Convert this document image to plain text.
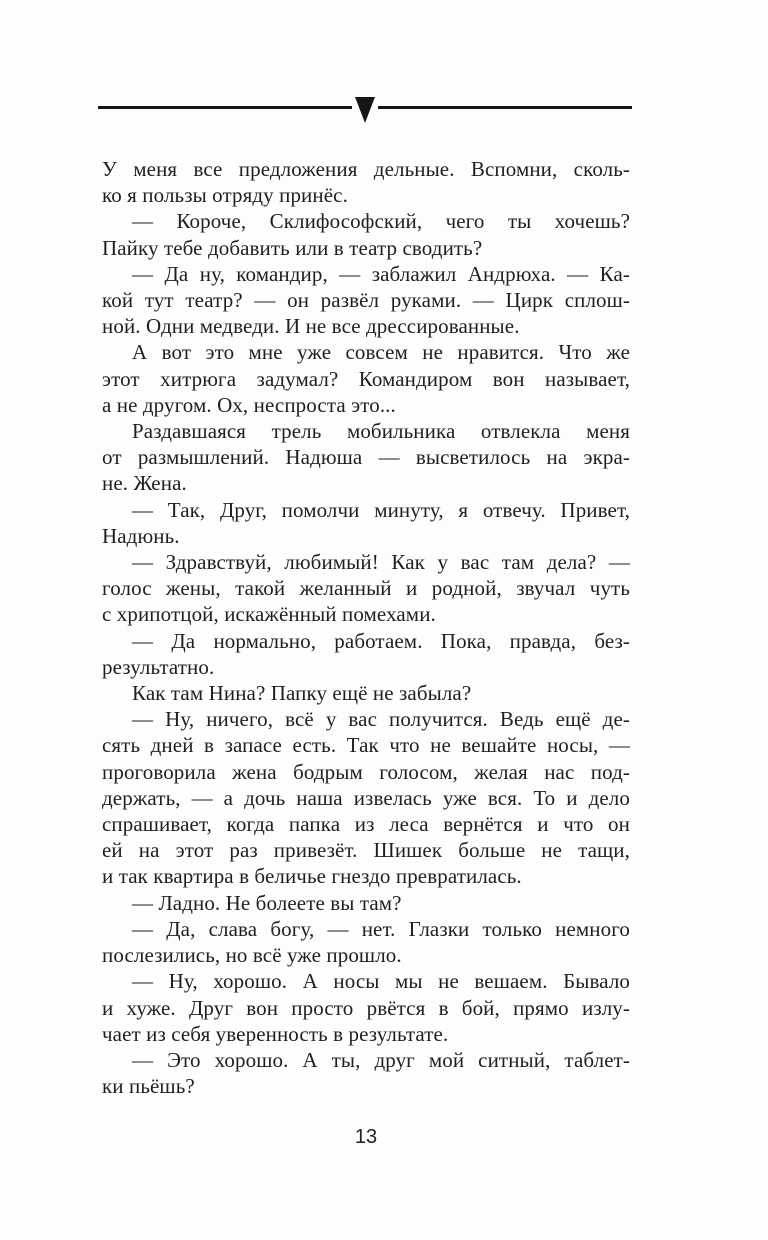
У меня все предложения дельные. Вспомни, сколь-
ко я пользы отряду принёс.
— Короче, Склифософский, чего ты хочешь?
Пайку тебе добавить или в театр сводить?
— Да ну, командир, — заблажил Андрюха. — Ка-
кой тут театр? — он развёл руками. — Цирк сплош-
ной. Одни медведи. И не все дрессированные.
А вот это мне уже совсем не нравится. Что же
этот хитрюга задумал? Командиром вон называет,
а не другом. Ох, неспроста это...
Раздавшаяся трель мобильника отвлекла меня
от размышлений. Надюша — высветилось на экра-
не. Жена.
— Так, Друг, помолчи минуту, я отвечу. Привет,
Надюнь.
— Здравствуй, любимый! Как у вас там дела? —
голос жены, такой желанный и родной, звучал чуть
с хрипотцой, искажённый помехами.
— Да нормально, работаем. Пока, правда, без-
результатно.
Как там Нина? Папку ещё не забыла?
— Ну, ничего, всё у вас получится. Ведь ещё де-
сять дней в запасе есть. Так что не вешайте носы, —
проговорила жена бодрым голосом, желая нас под-
держать, — а дочь наша извелась уже вся. То и дело
спрашивает, когда папка из леса вернётся и что он
ей на этот раз привезёт. Шишек больше не тащи,
и так квартира в беличье гнездо превратилась.
— Ладно. Не болеете вы там?
— Да, слава богу, — нет. Глазки только немного
послезились, но всё уже прошло.
— Ну, хорошо. А носы мы не вешаем. Бывало
и хуже. Друг вон просто рвётся в бой, прямо излу-
чает из себя уверенность в результате.
— Это хорошо. А ты, друг мой ситный, таблет-
ки пьёшь?
13
